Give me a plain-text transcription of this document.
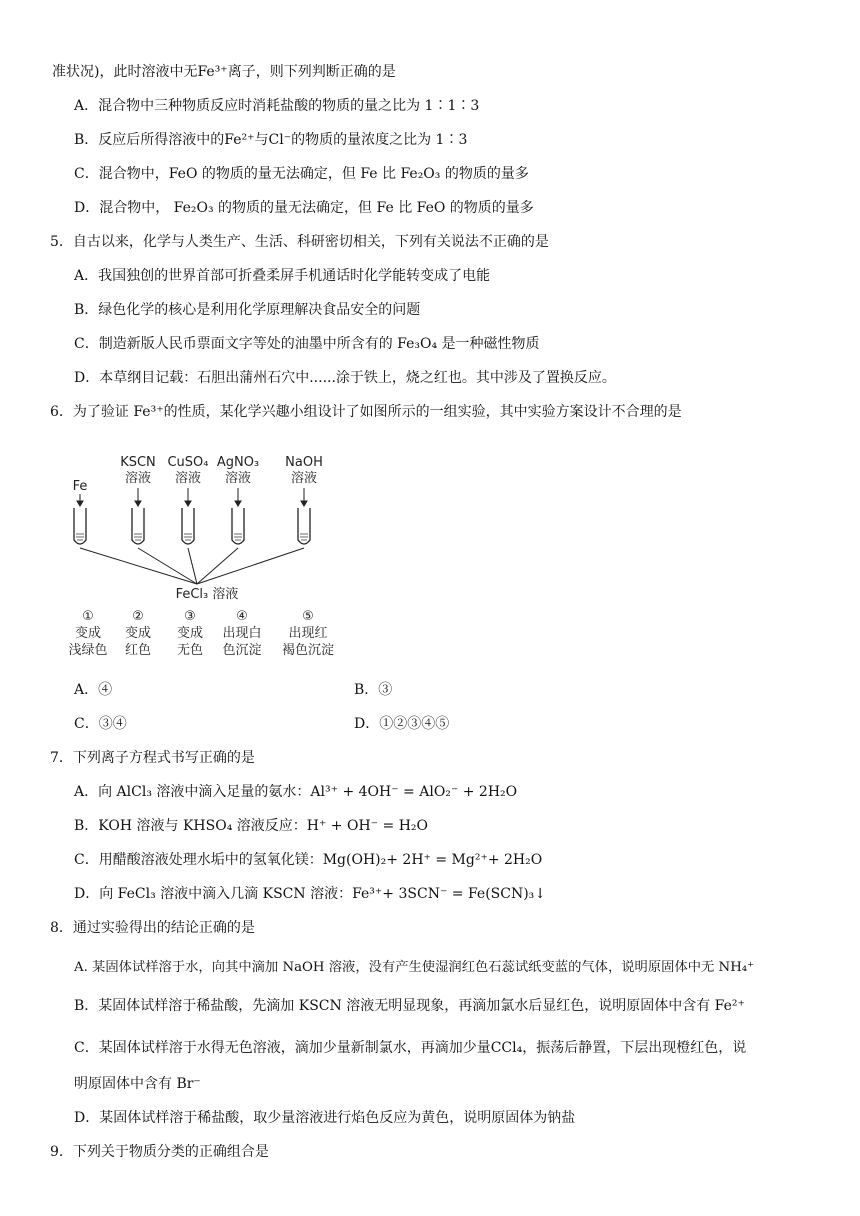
准状况)，此时溶液中无Fe³⁺离子，则下列判断正确的是
A．混合物中三种物质反应时消耗盐酸的物质的量之比为 1∶1∶3
B．反应后所得溶液中的Fe²⁺与Cl⁻的物质的量浓度之比为 1∶3
C．混合物中，FeO 的物质的量无法确定，但 Fe 比 Fe₂O₃ 的物质的量多
D．混合物中， Fe₂O₃ 的物质的量无法确定，但 Fe 比 FeO 的物质的量多
5．自古以来，化学与人类生产、生活、科研密切相关，下列有关说法不正确的是
A．我国独创的世界首部可折叠柔屏手机通话时化学能转变成了电能
B．绿色化学的核心是利用化学原理解决食品安全的问题
C．制造新版人民币票面文字等处的油墨中所含有的 Fe₃O₄ 是一种磁性物质
D．本草纲目记载：石胆出蒲州石穴中......涂于铁上，烧之红也。其中涉及了置换反应。
6．为了验证 Fe³⁺的性质，某化学兴趣小组设计了如图所示的一组实验，其中实验方案设计不合理的是
Fe
KSCN
溶液
CuSO₄
溶液
AgNO₃
溶液
NaOH
溶液
FeCl₃ 溶液
①
变成
浅绿色
②
变成
红色
③
变成
无色
④
出现白
色沉淀
⑤
出现红
褐色沉淀
A．④	B．③
C．③④	D．①②③④⑤
7．下列离子方程式书写正确的是
A．向 AlCl₃ 溶液中滴入足量的氨水：Al³⁺ + 4OH⁻ = AlO₂⁻ + 2H₂O
B．KOH 溶液与 KHSO₄ 溶液反应：H⁺ + OH⁻ = H₂O
C．用醋酸溶液处理水垢中的氢氧化镁：Mg(OH)₂+ 2H⁺ = Mg²⁺+ 2H₂O
D．向 FeCl₃ 溶液中滴入几滴 KSCN 溶液：Fe³⁺+ 3SCN⁻ = Fe(SCN)₃↓
8．通过实验得出的结论正确的是
A. 某固体试样溶于水，向其中滴加 NaOH 溶液，没有产生使湿润红色石蕊试纸变蓝的气体，说明原固体中无 NH₄⁺
B．某固体试样溶于稀盐酸，先滴加 KSCN 溶液无明显现象，再滴加氯水后显红色，说明原固体中含有 Fe²⁺
C．某固体试样溶于水得无色溶液，滴加少量新制氯水，再滴加少量CCl₄，振荡后静置，下层出现橙红色，说
明原固体中含有 Br⁻
D．某固体试样溶于稀盐酸，取少量溶液进行焰色反应为黄色，说明原固体为钠盐
9．下列关于物质分类的正确组合是
